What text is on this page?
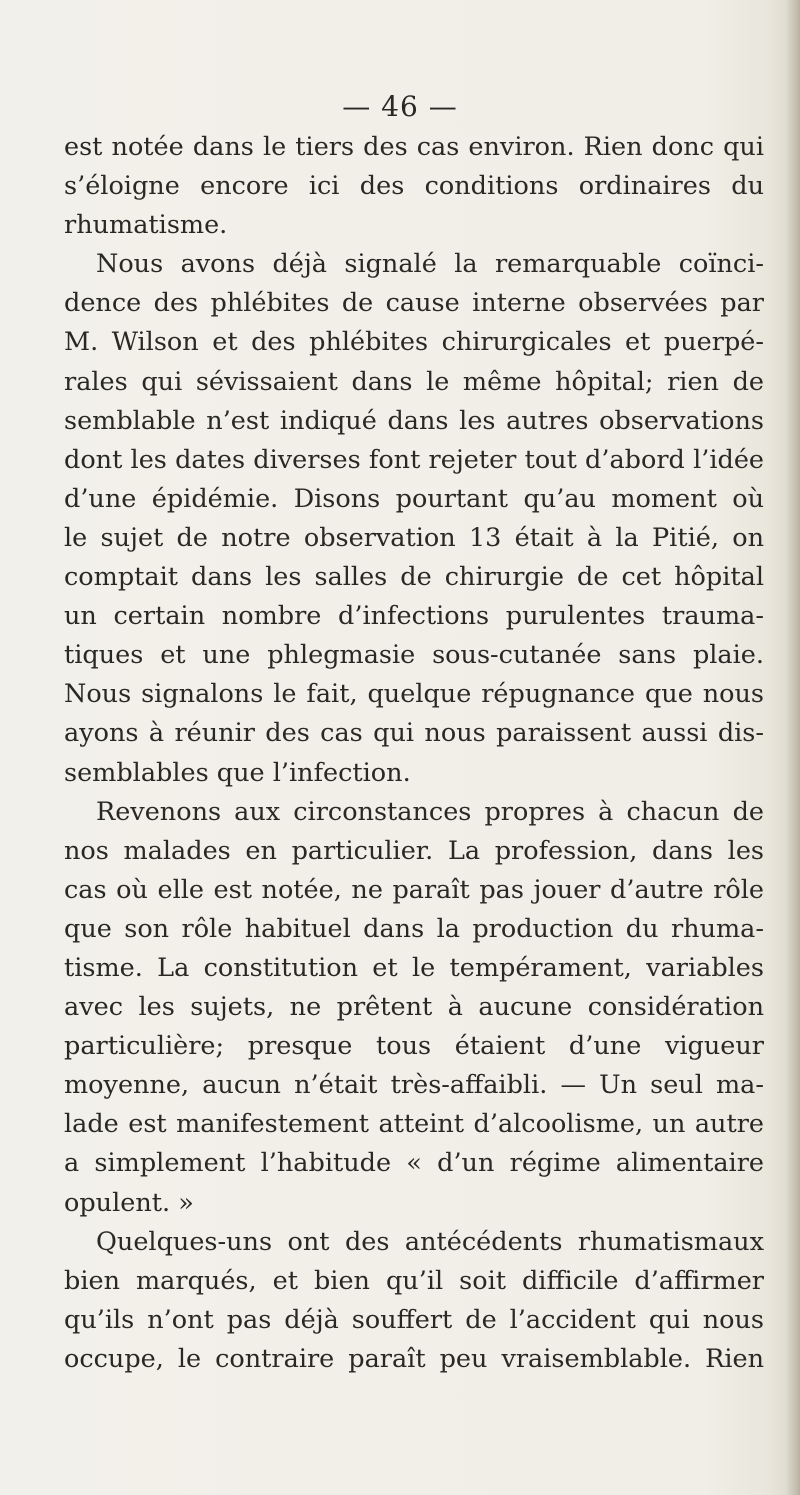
— 46 —
est notée dans le tiers des cas environ. Rien donc qui
s’éloigne encore ici des conditions ordinaires du
rhumatisme.
Nous avons déjà signalé la remarquable coïnci-
dence des phlébites de cause interne observées par
M. Wilson et des phlébites chirurgicales et puerpé-
rales qui sévissaient dans le même hôpital; rien de
semblable n’est indiqué dans les autres observations
dont les dates diverses font rejeter tout d’abord l’idée
d’une épidémie. Disons pourtant qu’au moment où
le sujet de notre observation 13 était à la Pitié, on
comptait dans les salles de chirurgie de cet hôpital
un certain nombre d’infections purulentes trauma-
tiques et une phlegmasie sous-cutanée sans plaie.
Nous signalons le fait, quelque répugnance que nous
ayons à réunir des cas qui nous paraissent aussi dis-
semblables que l’infection.
Revenons aux circonstances propres à chacun de
nos malades en particulier. La profession, dans les
cas où elle est notée, ne paraît pas jouer d’autre rôle
que son rôle habituel dans la production du rhuma-
tisme. La constitution et le tempérament, variables
avec les sujets, ne prêtent à aucune considération
particulière; presque tous étaient d’une vigueur
moyenne, aucun n’était très-affaibli. — Un seul ma-
lade est manifestement atteint d’alcoolisme, un autre
a simplement l’habitude « d’un régime alimentaire
opulent. »
Quelques-uns ont des antécédents rhumatismaux
bien marqués, et bien qu’il soit difficile d’affirmer
qu’ils n’ont pas déjà souffert de l’accident qui nous
occupe, le contraire paraît peu vraisemblable. Rien
